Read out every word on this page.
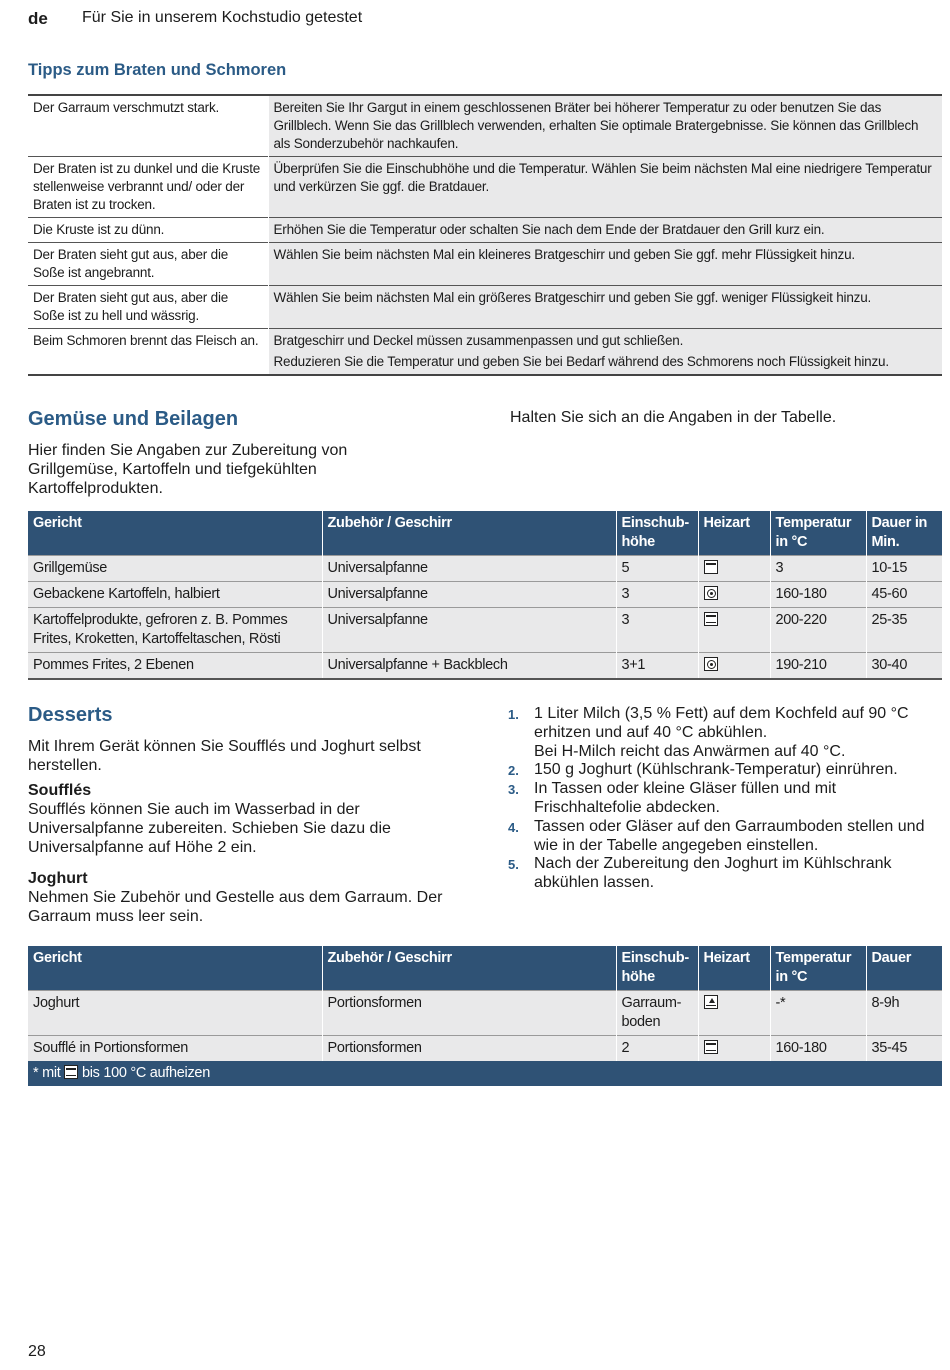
de Für Sie in unserem Kochstudio getestet
Tipps zum Braten und Schmoren
Der Garraum verschmutzt stark.	Bereiten Sie Ihr Gargut in einem geschlossenen Bräter bei höherer Temperatur zu oder benutzen Sie das Grillblech. Wenn Sie das Grillblech verwenden, erhalten Sie optimale Bratergebnisse. Sie können das Grillblech als Sonderzubehör nachkaufen.
Der Braten ist zu dunkel und die Kruste stellenweise verbrannt und/ oder der Braten ist zu trocken.	Überprüfen Sie die Einschubhöhe und die Temperatur. Wählen Sie beim nächsten Mal eine niedrigere Temperatur und verkürzen Sie ggf. die Bratdauer.
Die Kruste ist zu dünn.	Erhöhen Sie die Temperatur oder schalten Sie nach dem Ende der Bratdauer den Grill kurz ein.
Der Braten sieht gut aus, aber die Soße ist angebrannt.	Wählen Sie beim nächsten Mal ein kleineres Bratgeschirr und geben Sie ggf. mehr Flüssigkeit hinzu.
Der Braten sieht gut aus, aber die Soße ist zu hell und wässrig.	Wählen Sie beim nächsten Mal ein größeres Bratgeschirr und geben Sie ggf. weniger Flüssigkeit hinzu.
Beim Schmoren brennt das Fleisch an.	Bratgeschirr und Deckel müssen zusammenpassen und gut schließen.
Reduzieren Sie die Temperatur und geben Sie bei Bedarf während des Schmorens noch Flüssigkeit hinzu.
Gemüse und Beilagen

Hier finden Sie Angaben zur Zubereitung von Grillgemüse, Kartoffeln und tiefgekühlten Kartoffelprodukten.

Halten Sie sich an die Angaben in der Tabelle.

Gericht	Zubehör / Geschirr	Einschub-höhe	Heizart	Temperatur in °C	Dauer in Min.
Grillgemüse	Universalpfanne	5		3	10-15
Gebackene Kartoffeln, halbiert	Universalpfanne	3		160-180	45-60
Kartoffelprodukte, gefroren z. B. Pommes Frites, Kroketten, Kartoffeltaschen, Rösti	Universalpfanne	3		200-220	25-35
Pommes Frites, 2 Ebenen	Universalpfanne + Backblech	3+1		190-210	30-40
Desserts

Mit Ihrem Gerät können Sie Soufflés und Joghurt selbst herstellen.

Soufflés

Soufflés können Sie auch im Wasserbad in der Universalpfanne zubereiten. Schieben Sie dazu die Universalpfanne auf Höhe 2 ein.

Joghurt

Nehmen Sie Zubehör und Gestelle aus dem Garraum. Der Garraum muss leer sein.

1. 1 Liter Milch (3,5 % Fett) auf dem Kochfeld auf 90 °C erhitzen und auf 40 °C abkühlen.
Bei H-Milch reicht das Anwärmen auf 40 °C.
2. 150 g Joghurt (Kühlschrank-Temperatur) einrühren.
3. In Tassen oder kleine Gläser füllen und mit Frischhaltefolie abdecken.
4. Tassen oder Gläser auf den Garraumboden stellen und wie in der Tabelle angegeben einstellen.
5. Nach der Zubereitung den Joghurt im Kühlschrank abkühlen lassen.
Gericht	Zubehör / Geschirr	Einschub-höhe	Heizart	Temperatur in °C	Dauer
Joghurt	Portionsformen	Garraum-boden		-*	8-9h
Soufflé in Portionsformen	Portionsformen	2		160-180	35-45
* mit bis 100 °C aufheizen					
28
